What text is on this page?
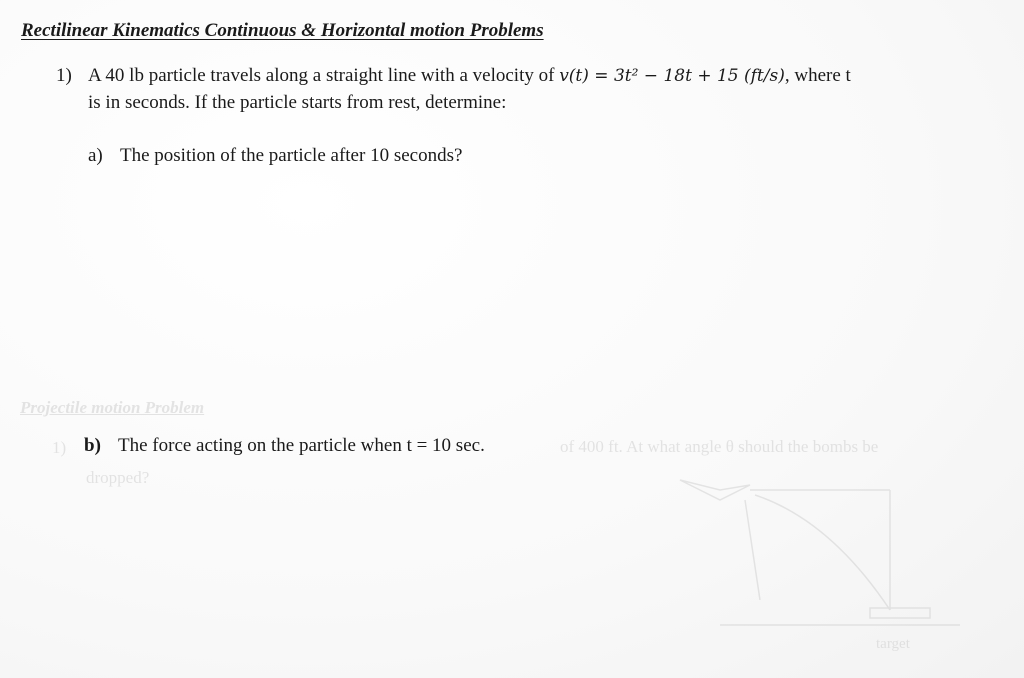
Projectile motion Problem
1)	of 400 ft. At what angle θ should the bombs be
dropped?
target
Rectilinear Kinematics Continuous & Horizontal motion Problems
1) A 40 lb particle travels along a straight line with a velocity of v(t) = 3t² − 18t + 15 (ft/s), where t
is in seconds. If the particle starts from rest, determine:
a) The position of the particle after 10 seconds?
b) The force acting on the particle when t = 10 sec.
